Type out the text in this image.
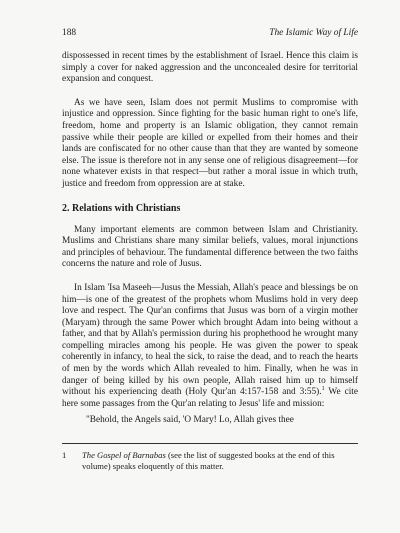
188	The Islamic Way of Life

dispossessed in recent times by the establishment of Israel. Hence this claim is simply a cover for naked aggression and the unconcealed desire for territorial expansion and conquest.

As we have seen, Islam does not permit Muslims to compromise with injustice and oppression. Since fighting for the basic human right to one's life, freedom, home and property is an Islamic obligation, they cannot remain passive while their people are killed or expelled from their homes and their lands are confiscated for no other cause than that they are wanted by someone else. The issue is therefore not in any sense one of religious disagreement—for none whatever exists in that respect—but rather a moral issue in which truth, justice and freedom from oppression are at stake.

2. Relations with Christians

Many important elements are common between Islam and Christianity. Muslims and Christians share many similar beliefs, values, moral injunctions and principles of behaviour. The fundamental difference between the two faiths concerns the nature and role of Jusus.

In Islam 'Isa Maseeh—Jusus the Messiah, Allah's peace and blessings be on him—is one of the greatest of the prophets whom Muslims hold in very deep love and respect. The Qur'an confirms that Jusus was born of a virgin mother (Maryam) through the same Power which brought Adam into being without a father, and that by Allah's permission during his prophethood he wrought many compelling miracles among his people. He was given the power to speak coherently in infancy, to heal the sick, to raise the dead, and to reach the hearts of men by the words which Allah revealed to him. Finally, when he was in danger of being killed by his own people, Allah raised him up to himself without his experiencing death (Holy Qur'an 4:157-158 and 3:55).$^1$ We cite here some passages from the Qur'an relating to Jesus' life and mission:

"Behold, the Angels said, 'O Mary! Lo, Allah gives thee

1	The Gospel of Barnabas (see the list of suggested books at the end of this volume) speaks eloquently of this matter.
